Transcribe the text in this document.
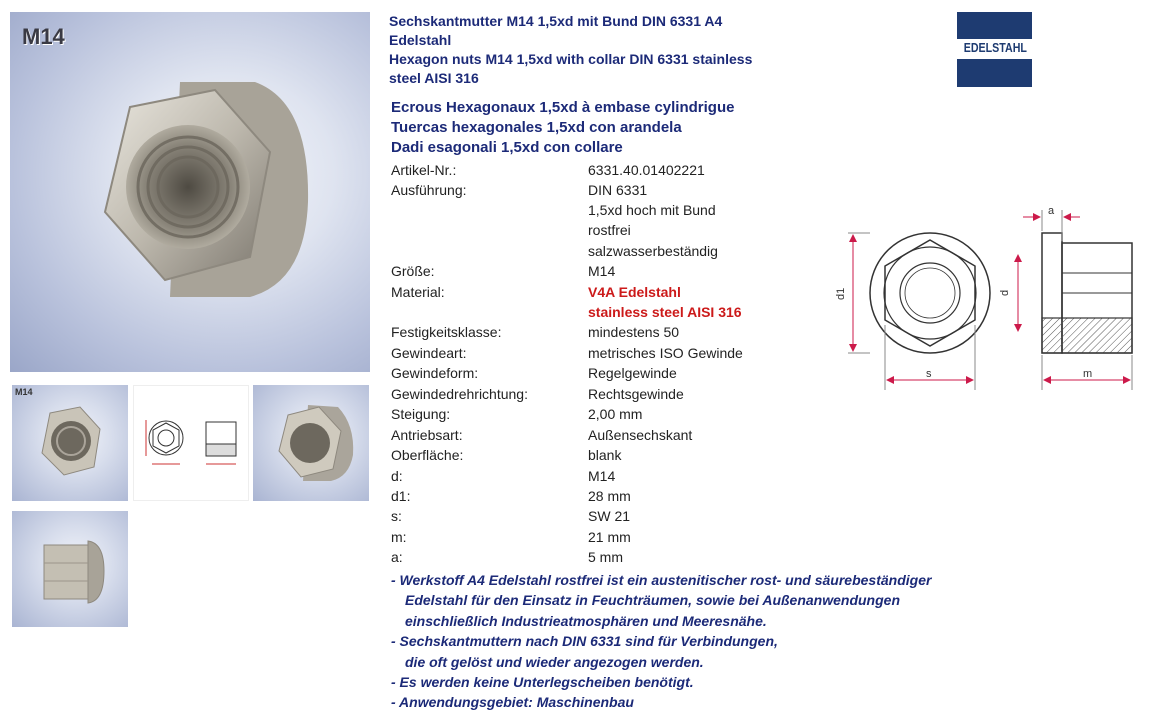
M14
M14
Sechskantmutter M14 1,5xd mit Bund DIN 6331 A4
Edelstahl
Hexagon nuts M14 1,5xd with collar DIN 6331 stainless
steel AISI 316
Ecrous Hexagonaux 1,5xd à embase cylindrigue
Tuercas hexagonales 1,5xd con arandela
Dadi esagonali 1,5xd con collare
Artikel-Nr.:	6331.40.01402221
Ausführung:	DIN 6331
1,5xd hoch mit Bund
rostfrei
salzwasserbeständig
Größe:	M14
Material:	V4A Edelstahl
stainless steel AISI 316
Festigkeitsklasse:	mindestens 50
Gewindeart:	metrisches ISO Gewinde
Gewindeform:	Regelgewinde
Gewindedrehrichtung:	Rechtsgewinde
Steigung:	2,00 mm
Antriebsart:	Außensechskant
Oberfläche:	blank
d:	M14
d1:	28 mm
s:	SW 21
m:	21 mm
a:	5 mm
- Werkstoff A4 Edelstahl rostfrei ist ein austenitischer rost- und säurebeständiger
Edelstahl für den Einsatz in Feuchträumen, sowie bei Außenanwendungen
einschließlich Industrieatmosphären und Meeresnähe.
- Sechskantmuttern nach DIN 6331 sind für Verbindungen,
die oft gelöst und wieder angezogen werden.
- Es werden keine Unterlegscheiben benötigt.
- Anwendungsgebiet: Maschinenbau
EDELSTAHL
a
d1	d
s	m
